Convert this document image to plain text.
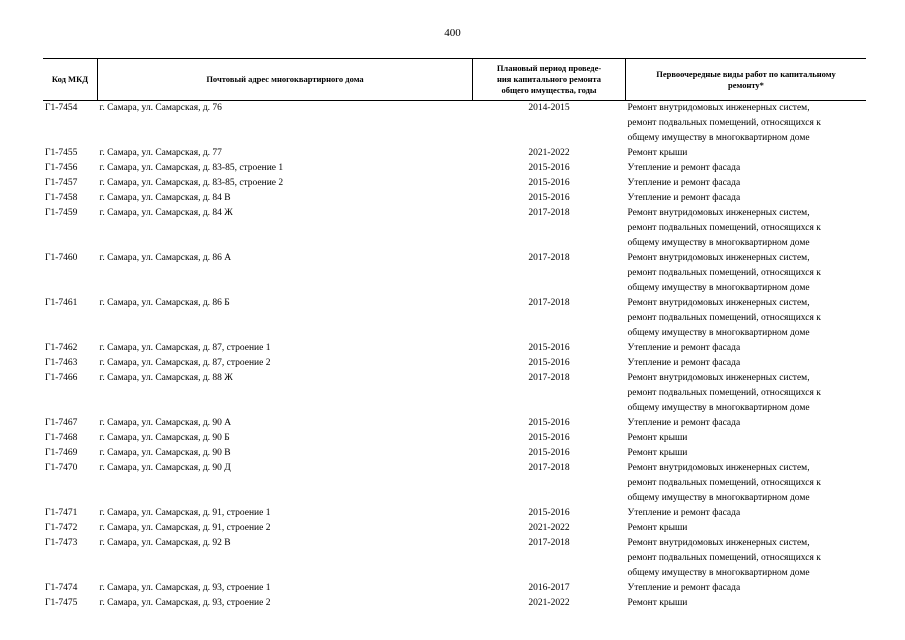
400
Код МКД	Почтовый адрес многоквартирного дома	Плановый период проведе-
ния капитального ремонта
общего имущества, годы	Первоочередные виды работ по капитальному
ремонту*

Г1-7454	г. Самара, ул. Самарская, д. 76	2014-2015	Ремонт внутридомовых инженерных систем,
ремонт подвальных помещений, относящихся к
общему имуществу в многоквартирном доме

Г1-7455	г. Самара, ул. Самарская, д. 77	2021-2022	Ремонт крыши

Г1-7456	г. Самара, ул. Самарская, д. 83-85, строение 1	2015-2016	Утепление и ремонт фасада

Г1-7457	г. Самара, ул. Самарская, д. 83-85, строение 2	2015-2016	Утепление и ремонт фасада

Г1-7458	г. Самара, ул. Самарская, д. 84 В	2015-2016	Утепление и ремонт фасада

Г1-7459	г. Самара, ул. Самарская, д. 84 Ж	2017-2018	Ремонт внутридомовых инженерных систем,
ремонт подвальных помещений, относящихся к
общему имуществу в многоквартирном доме

Г1-7460	г. Самара, ул. Самарская, д. 86 А	2017-2018	Ремонт внутридомовых инженерных систем,
ремонт подвальных помещений, относящихся к
общему имуществу в многоквартирном доме

Г1-7461	г. Самара, ул. Самарская, д. 86 Б	2017-2018	Ремонт внутридомовых инженерных систем,
ремонт подвальных помещений, относящихся к
общему имуществу в многоквартирном доме

Г1-7462	г. Самара, ул. Самарская, д. 87, строение 1	2015-2016	Утепление и ремонт фасада

Г1-7463	г. Самара, ул. Самарская, д. 87, строение 2	2015-2016	Утепление и ремонт фасада

Г1-7466	г. Самара, ул. Самарская, д. 88 Ж	2017-2018	Ремонт внутридомовых инженерных систем,
ремонт подвальных помещений, относящихся к
общему имуществу в многоквартирном доме

Г1-7467	г. Самара, ул. Самарская, д. 90 А	2015-2016	Утепление и ремонт фасада

Г1-7468	г. Самара, ул. Самарская, д. 90 Б	2015-2016	Ремонт крыши

Г1-7469	г. Самара, ул. Самарская, д. 90 В	2015-2016	Ремонт крыши

Г1-7470	г. Самара, ул. Самарская, д. 90 Д	2017-2018	Ремонт внутридомовых инженерных систем,
ремонт подвальных помещений, относящихся к
общему имуществу в многоквартирном доме

Г1-7471	г. Самара, ул. Самарская, д. 91, строение 1	2015-2016	Утепление и ремонт фасада

Г1-7472	г. Самара, ул. Самарская, д. 91, строение 2	2021-2022	Ремонт крыши

Г1-7473	г. Самара, ул. Самарская, д. 92 В	2017-2018	Ремонт внутридомовых инженерных систем,
ремонт подвальных помещений, относящихся к
общему имуществу в многоквартирном доме

Г1-7474	г. Самара, ул. Самарская, д. 93, строение 1	2016-2017	Утепление и ремонт фасада

Г1-7475	г. Самара, ул. Самарская, д. 93, строение 2	2021-2022	Ремонт крыши
